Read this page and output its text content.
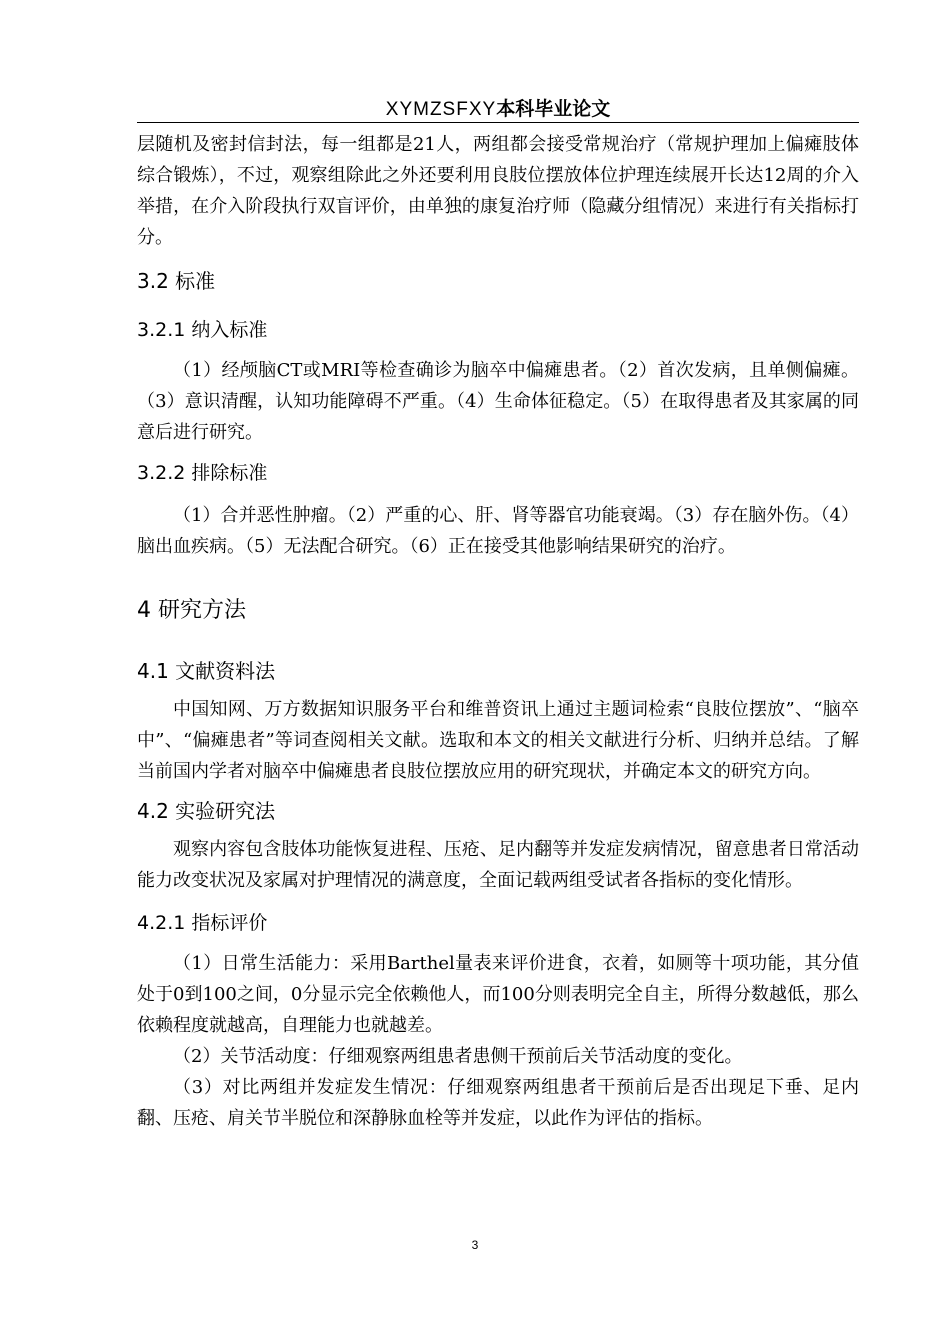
XYMZSFXY本科毕业论文

层随机及密封信封法，每一组都是21人，两组都会接受常规治疗（常规护理加上偏瘫肢体综合锻炼），不过，观察组除此之外还要利用良肢位摆放体位护理连续展开长达12周的介入举措，在介入阶段执行双盲评价，由单独的康复治疗师（隐藏分组情况）来进行有关指标打分。

3.2 标准
3.2.1 纳入标准

（1）经颅脑CT或MRI等检查确诊为脑卒中偏瘫患者。（2）首次发病，且单侧偏瘫。（3）意识清醒，认知功能障碍不严重。（4）生命体征稳定。（5）在取得患者及其家属的同意后进行研究。

3.2.2 排除标准

（1）合并恶性肿瘤。（2）严重的心、肝、肾等器官功能衰竭。（3）存在脑外伤。（4）脑出血疾病。（5）无法配合研究。（6）正在接受其他影响结果研究的治疗。

4 研究方法
4.1 文献资料法

中国知网、万方数据知识服务平台和维普资讯上通过主题词检索“良肢位摆放”、“脑卒中”、“偏瘫患者”等词查阅相关文献。选取和本文的相关文献进行分析、归纳并总结。了解当前国内学者对脑卒中偏瘫患者良肢位摆放应用的研究现状，并确定本文的研究方向。

4.2 实验研究法

观察内容包含肢体功能恢复进程、压疮、足内翻等并发症发病情况，留意患者日常活动能力改变状况及家属对护理情况的满意度，全面记载两组受试者各指标的变化情形。

4.2.1 指标评价

（1）日常生活能力：采用Barthel量表来评价进食，衣着，如厕等十项功能，其分值处于0到100之间，0分显示完全依赖他人，而100分则表明完全自主，所得分数越低，那么依赖程度就越高，自理能力也就越差。

（2）关节活动度：仔细观察两组患者患侧干预前后关节活动度的变化。

（3）对比两组并发症发生情况：仔细观察两组患者干预前后是否出现足下垂、足内翻、压疮、肩关节半脱位和深静脉血栓等并发症，以此作为评估的指标。

3
